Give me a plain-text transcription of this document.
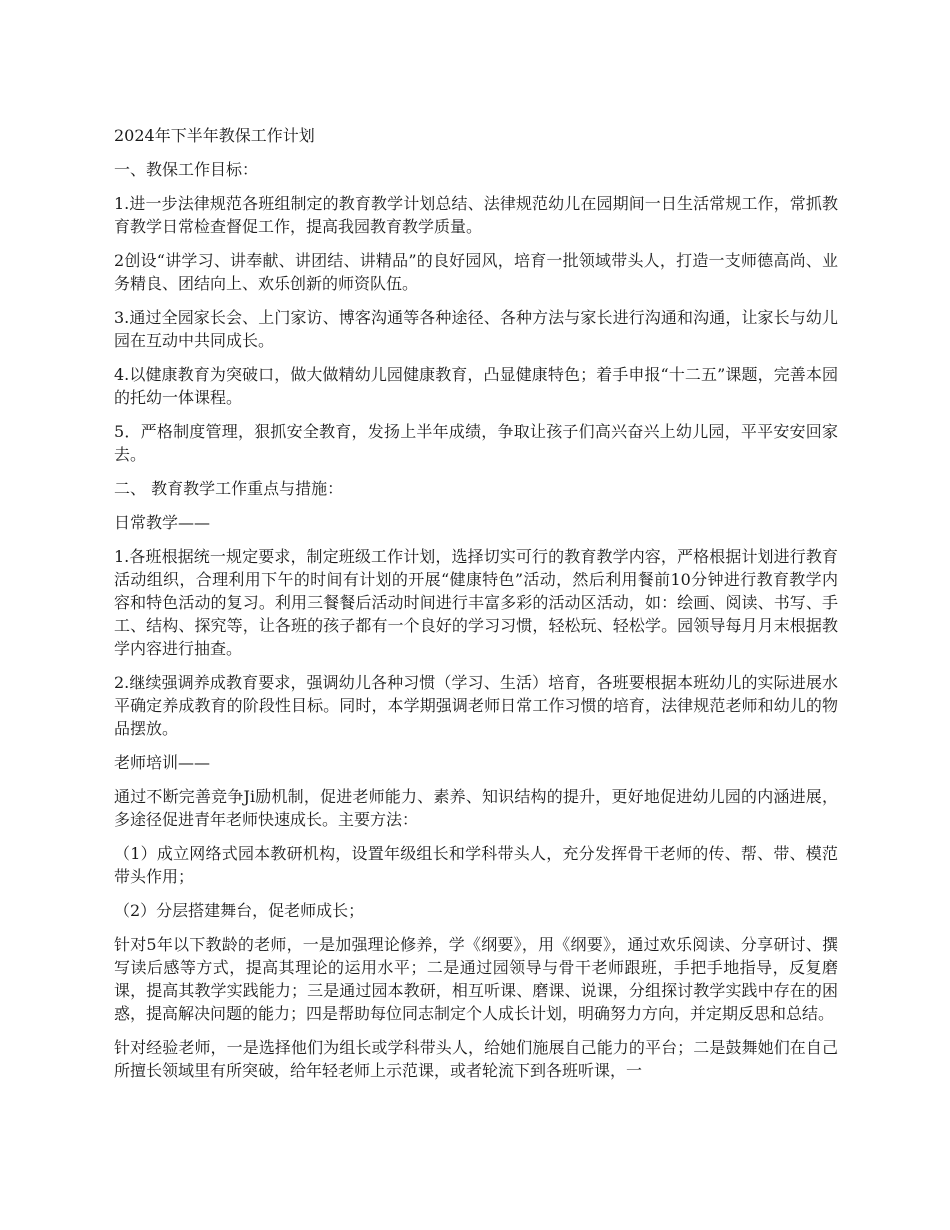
2024年下半年教保工作计划

一、教保工作目标：

1.进一步法律规范各班组制定的教育教学计划总结、法律规范幼儿在园期间一日生活常规工作，常抓教育教学日常检查督促工作，提高我园教育教学质量。

2创设“讲学习、讲奉献、讲团结、讲精品”的良好园风，培育一批领域带头人，打造一支师德高尚、业务精良、团结向上、欢乐创新的师资队伍。

3.通过全园家长会、上门家访、博客沟通等各种途径、各种方法与家长进行沟通和沟通，让家长与幼儿园在互动中共同成长。

4.以健康教育为突破口，做大做精幼儿园健康教育，凸显健康特色；着手申报“十二五”课题，完善本园的托幼一体课程。

5．严格制度管理，狠抓安全教育，发扬上半年成绩，争取让孩子们高兴奋兴上幼儿园，平平安安回家去。

二、 教育教学工作重点与措施：

日常教学——

1.各班根据统一规定要求，制定班级工作计划，选择切实可行的教育教学内容，严格根据计划进行教育活动组织，合理利用下午的时间有计划的开展“健康特色”活动，然后利用餐前10分钟进行教育教学内容和特色活动的复习。利用三餐餐后活动时间进行丰富多彩的活动区活动，如：绘画、阅读、书写、手工、结构、探究等，让各班的孩子都有一个良好的学习习惯，轻松玩、轻松学。园领导每月月末根据教学内容进行抽查。

2.继续强调养成教育要求，强调幼儿各种习惯（学习、生活）培育，各班要根据本班幼儿的实际进展水平确定养成教育的阶段性目标。同时，本学期强调老师日常工作习惯的培育，法律规范老师和幼儿的物品摆放。

老师培训——

通过不断完善竞争Ji励机制，促进老师能力、素养、知识结构的提升，更好地促进幼儿园的内涵进展，多途径促进青年老师快速成长。主要方法：

（1）成立网络式园本教研机构，设置年级组长和学科带头人，充分发挥骨干老师的传、帮、带、模范带头作用；

（2）分层搭建舞台，促老师成长；

针对5年以下教龄的老师，一是加强理论修养，学《纲要》，用《纲要》，通过欢乐阅读、分享研讨、撰写读后感等方式，提高其理论的运用水平；二是通过园领导与骨干老师跟班，手把手地指导，反复磨课，提高其教学实践能力；三是通过园本教研，相互听课、磨课、说课，分组探讨教学实践中存在的困惑，提高解决问题的能力；四是帮助每位同志制定个人成长计划，明确努力方向，并定期反思和总结。

针对经验老师，一是选择他们为组长或学科带头人，给她们施展自己能力的平台；二是鼓舞她们在自己所擅长领域里有所突破，给年轻老师上示范课，或者轮流下到各班听课，一
